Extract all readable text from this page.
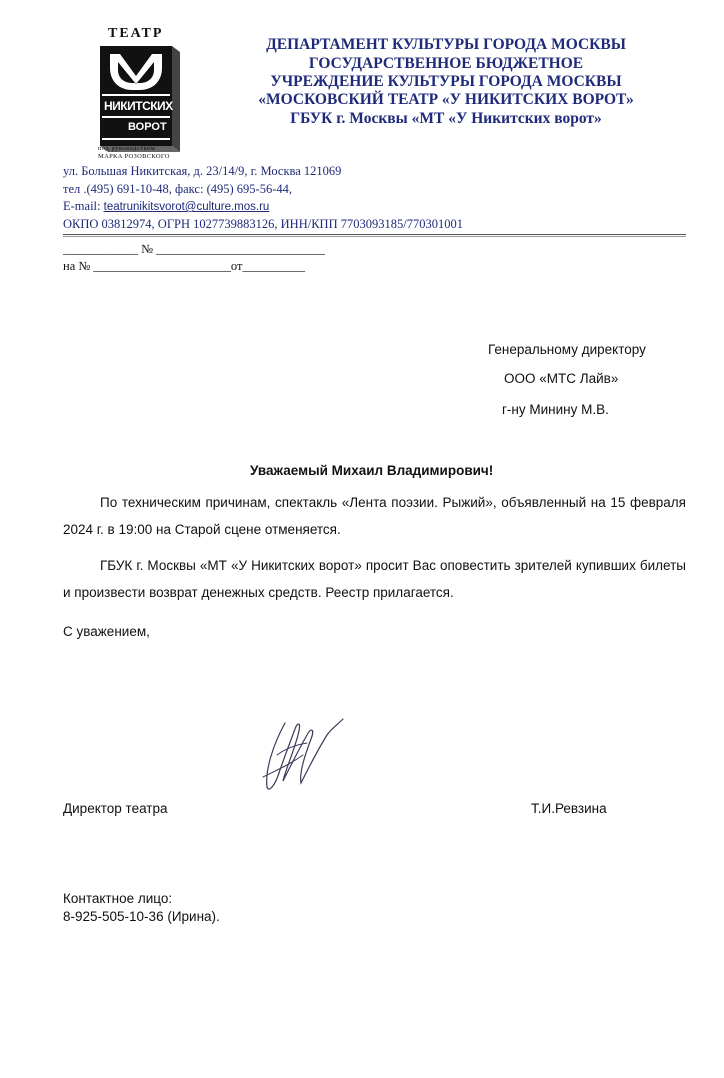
ТЕАТР
НИКИТСКИХ
ВОРОТ
под руководством
МАРКА РОЗОВСКОГО
ДЕПАРТАМЕНТ КУЛЬТУРЫ ГОРОДА МОСКВЫ
ГОСУДАРСТВЕННОЕ БЮДЖЕТНОЕ
УЧРЕЖДЕНИЕ КУЛЬТУРЫ ГОРОДА МОСКВЫ
«МОСКОВСКИЙ ТЕАТР «У НИКИТСКИХ ВОРОТ»
ГБУК г. Москвы «МТ «У Никитских ворот»
ул. Большая Никитская, д. 23/14/9, г. Москва 121069
тел .(495) 691-10-48, факс: (495) 695-56-44,
E-mail: teatrunikitsvorot@culture.mos.ru
ОКПО 03812974, ОГРН 1027739883126, ИНН/КПП 7703093185/770301001
____________ № ___________________________
на № ______________________от__________
Генеральному директору
ООО «МТС Лайв»
г-ну Минину М.В.
Уважаемый Михаил Владимирович!
По техническим причинам, спектакль «Лента поэзии. Рыжий», объявленный на 15 февраля 2024 г. в 19:00 на Старой сцене отменяется.
ГБУК г. Москвы «МТ «У Никитских ворот» просит Вас оповестить зрителей купивших билеты и произвести возврат денежных средств. Реестр прилагается.
С уважением,
Директор театра	Т.И.Ревзина
Контактное лицо:
8-925-505-10-36 (Ирина).
